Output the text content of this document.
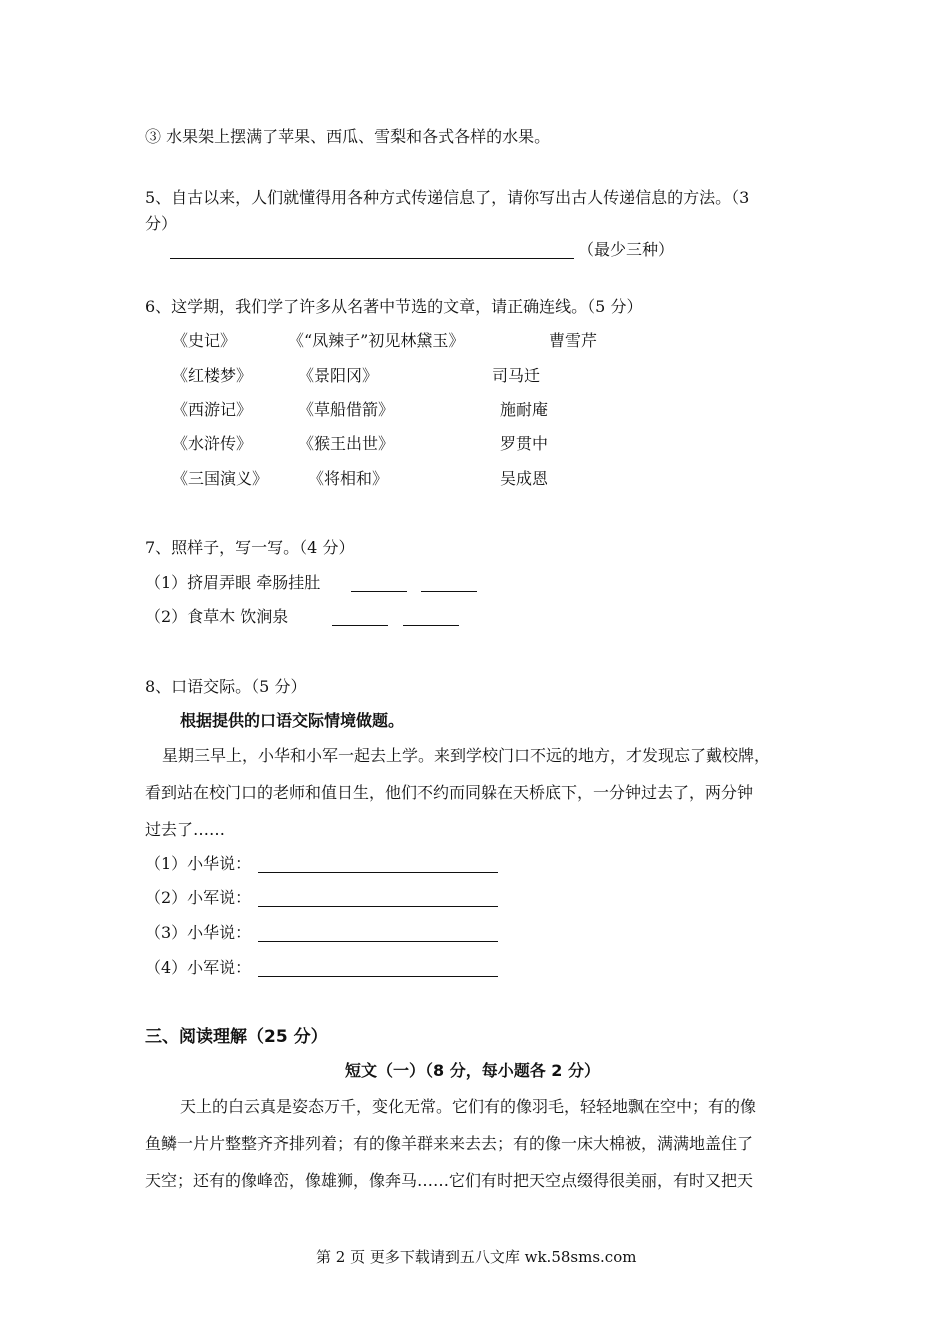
③ 水果架上摆满了苹果、西瓜、雪梨和各式各样的水果。
5、自古以来，人们就懂得用各种方式传递信息了，请你写出古人传递信息的方法。（3
分）
（最少三种）
6、这学期，我们学了许多从名著中节选的文章，请正确连线。（5 分）
《史记》
《红楼梦》
《西游记》
《水浒传》
《三国演义》
《“凤辣子”初见林黛玉》
《景阳冈》
《草船借箭》
《猴王出世》
《将相和》
曹雪芹
司马迁
施耐庵
罗贯中
吴成恩
7、照样子，写一写。（4 分）
（1）挤眉弄眼 牵肠挂肚
（2）食草木 饮涧泉
8、口语交际。（5 分）
根据提供的口语交际情境做题。
星期三早上，小华和小军一起去上学。来到学校门口不远的地方，才发现忘了戴校牌，
看到站在校门口的老师和值日生，他们不约而同躲在天桥底下，一分钟过去了，两分钟
过去了……
（1）小华说：
（2）小军说：
（3）小华说：
（4）小军说：
三、阅读理解（25 分）
短文（一）（8 分，每小题各 2 分）
天上的白云真是姿态万千，变化无常。它们有的像羽毛，轻轻地飘在空中；有的像
鱼鳞一片片整整齐齐排列着；有的像羊群来来去去；有的像一床大棉被，满满地盖住了
天空；还有的像峰峦，像雄狮，像奔马……它们有时把天空点缀得很美丽，有时又把天
第 2 页 更多下载请到五八文库 wk.58sms.com
